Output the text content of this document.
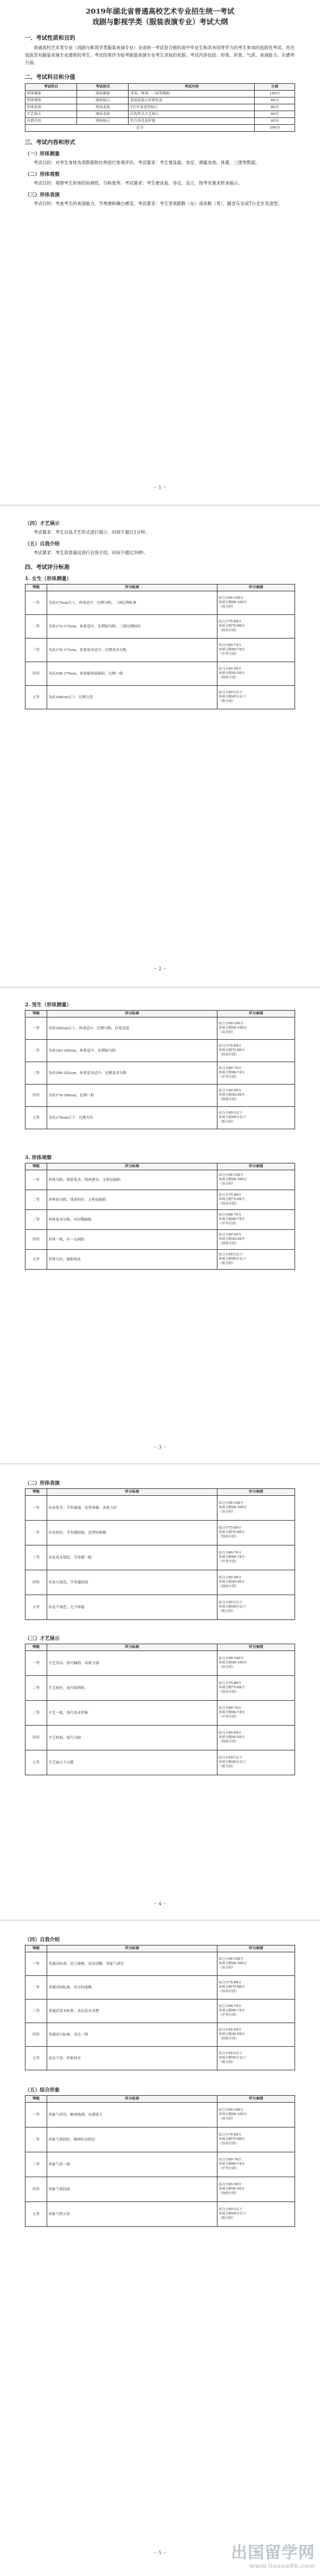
2019年湖北省普通高校艺术专业招生统一考试
戏剧与影视学类（服装表演专业）考试大纲
一、考试性质和目的

普通高校艺术类专业（戏剧与影视学类服装表演专业）全省统一考试是合格的高中毕业生和具有同等学力的考生参加的选拔性考试。旨在选拔具有服装表演专业潜质的考生，考试结果作为报考服装表演专业考生录取的依据。考试内容包括：形体、形象、气质、表演能力、乐感等方面。

二、考试科目和分值
考试科目	考试形式	考试内容	分值
形体测量	现场测量	身高、体重、三围等数据	100分
形体观察	现场展示	着泳装展示形体状态	60分
形体表演	现场表演	T台步及造型展示	60分
才艺展示	现场表演	自选形式才艺展示	40分
自我介绍	现场展示	语言表达及形象	40分
总分			300分
三、考试内容和形式
（一）形体测量

考试目的：对考生身体各项数据和比例进行客观评价。考试要求：考生着泳装，赤足，测量身高、体重、三围等数据。

（二）形体观察

考试目的：观察考生形体的协调性、匀称度等。考试要求：考生着泳装，赤足，站立，按考官要求转身展示。

（三）形体表演

考试目的：考查考生的表现能力、节奏感和舞台感觉。考试要求：考生穿高跟鞋（女）或皮鞋（男），随音乐完成T台走步及造型。

－ 1 －
（四）才艺展示

考试要求：考生自选才艺形式进行展示，时间不超过1分钟。

（五）自我介绍

考试要求：考生用普通话进行自我介绍，时间不超过30秒。

四、考试评分标准
1. 女生（形体测量）
等级	评分标准	评分参照
一等	身高175cm以上，体重适中，比例匀称，三围比例标准	综合分90-100分
单项分数90-100分
（高分段）

二等	身高172-175cm，体重适中，比例较匀称，三围比例较好	综合分75-89分
单项分数75-89分
（较高分段）

三等	身高170-172cm，体重基本适中，比例基本匀称	综合分60-74分
单项分数60-74分
（中等分段）

四等	身高168-170cm，体重偏重或偏轻，比例一般	综合分45-59分
单项分数45-59分
（较低分段）

五等	身高168cm以下，比例欠佳	综合分45分以下
单项分数45分以下
（低分段）
－ 2 －
2. 男生（形体测量）
等级	评分标准	评分参照
一等	身高185cm以上，体重适中，比例匀称，肩宽适度	综合分90-100分
单项分数90-100分
（高分段）

二等	身高183-185cm，体重适中，比例较匀称	综合分75-89分
单项分数75-89分
（较高分段）

三等	身高180-183cm，体重基本适中，比例基本匀称	综合分60-74分
单项分数60-74分
（中等分段）

四等	身高178-180cm，比例一般	综合分45-59分
单项分数45-59分
（较低分段）

五等	身高178cm以下，比例欠佳	综合分45分以下
单项分数45分以下
（低分段）
3. 形体观察
等级	评分标准	评分参照
一等	形体匀称，线条优美，肌肉紧实，无明显缺陷	综合分90-100分
单项分数90-100分
（高分段）

二等	形体较匀称，线条较好，无明显缺陷	综合分75-89分
单项分数75-89分
（较高分段）

三等	形体基本匀称，有轻微缺陷	综合分60-74分
单项分数60-74分
（中等分段）

四等	形体一般，有一定缺陷	综合分45-59分
单项分数45-59分
（较低分段）

五等	形体欠佳，缺陷明显	综合分45分以下
单项分数45分以下
（低分段）
－ 3 －
（二）形体表演
等级	评分标准	评分参照
一等	步态优美，节奏感强，造型准确，表现力好	综合分90-100分
单项分数90-100分
（高分段）

二等	步态较好，节奏感较强，造型较准确	综合分75-89分
单项分数75-89分
（较高分段）

三等	步态基本规范，节奏感一般	综合分60-74分
单项分数60-74分
（中等分段）

四等	步态欠规范，节奏感较弱	综合分45-59分
单项分数45-59分
（较低分段）

五等	步态不规范，无节奏感	综合分45分以下
单项分数45分以下
（低分段）
（三）才艺展示
等级	评分标准	评分参照
一等	才艺突出，技巧娴熟，表现力强	综合分90-100分
单项分数90-100分
（高分段）

二等	才艺较好，技巧较熟练	综合分75-89分
单项分数75-89分
（较高分段）

三等	才艺一般，技巧基本掌握	综合分60-74分
单项分数60-74分
（中等分段）

四等	才艺较弱，技巧欠缺	综合分45-59分
单项分数45-59分
（较低分段）

五等	才艺展示不完整	综合分45分以下
单项分数45分以下
（低分段）
－ 4 －
（四）自我介绍
等级	评分标准	评分参照
一等	普通话标准，语言流畅，表达清晰，形象气质好	综合分90-100分
单项分数90-100分
（高分段）

二等	普通话较标准，语言较流畅	综合分75-89分
单项分数75-89分
（较高分段）

三等	普通话基本标准，表达基本清楚	综合分60-74分
单项分数60-74分
（中等分段）

四等	普通话欠标准，表达一般	综合分45-59分
单项分数45-59分
（较低分段）

五等	表达不清，形象较差	综合分45分以下
单项分数45分以下
（低分段）
（五）综合形象
等级	评分标准	评分参照
一等	形象气质佳，精神饱满，有感染力	综合分90-100分
单项分数90-100分
（高分段）

二等	形象气质较好，精神状态较好	综合分75-89分
单项分数75-89分
（较高分段）

三等	形象气质一般	综合分60-74分
单项分数60-74分
（中等分段）

四等	形象气质较弱	综合分45-59分
单项分数45-59分
（较低分段）

五等	形象气质欠佳	综合分45分以下
单项分数45分以下
（低分段）
－ 5 －	出国留学网
www.liuxue86.com
